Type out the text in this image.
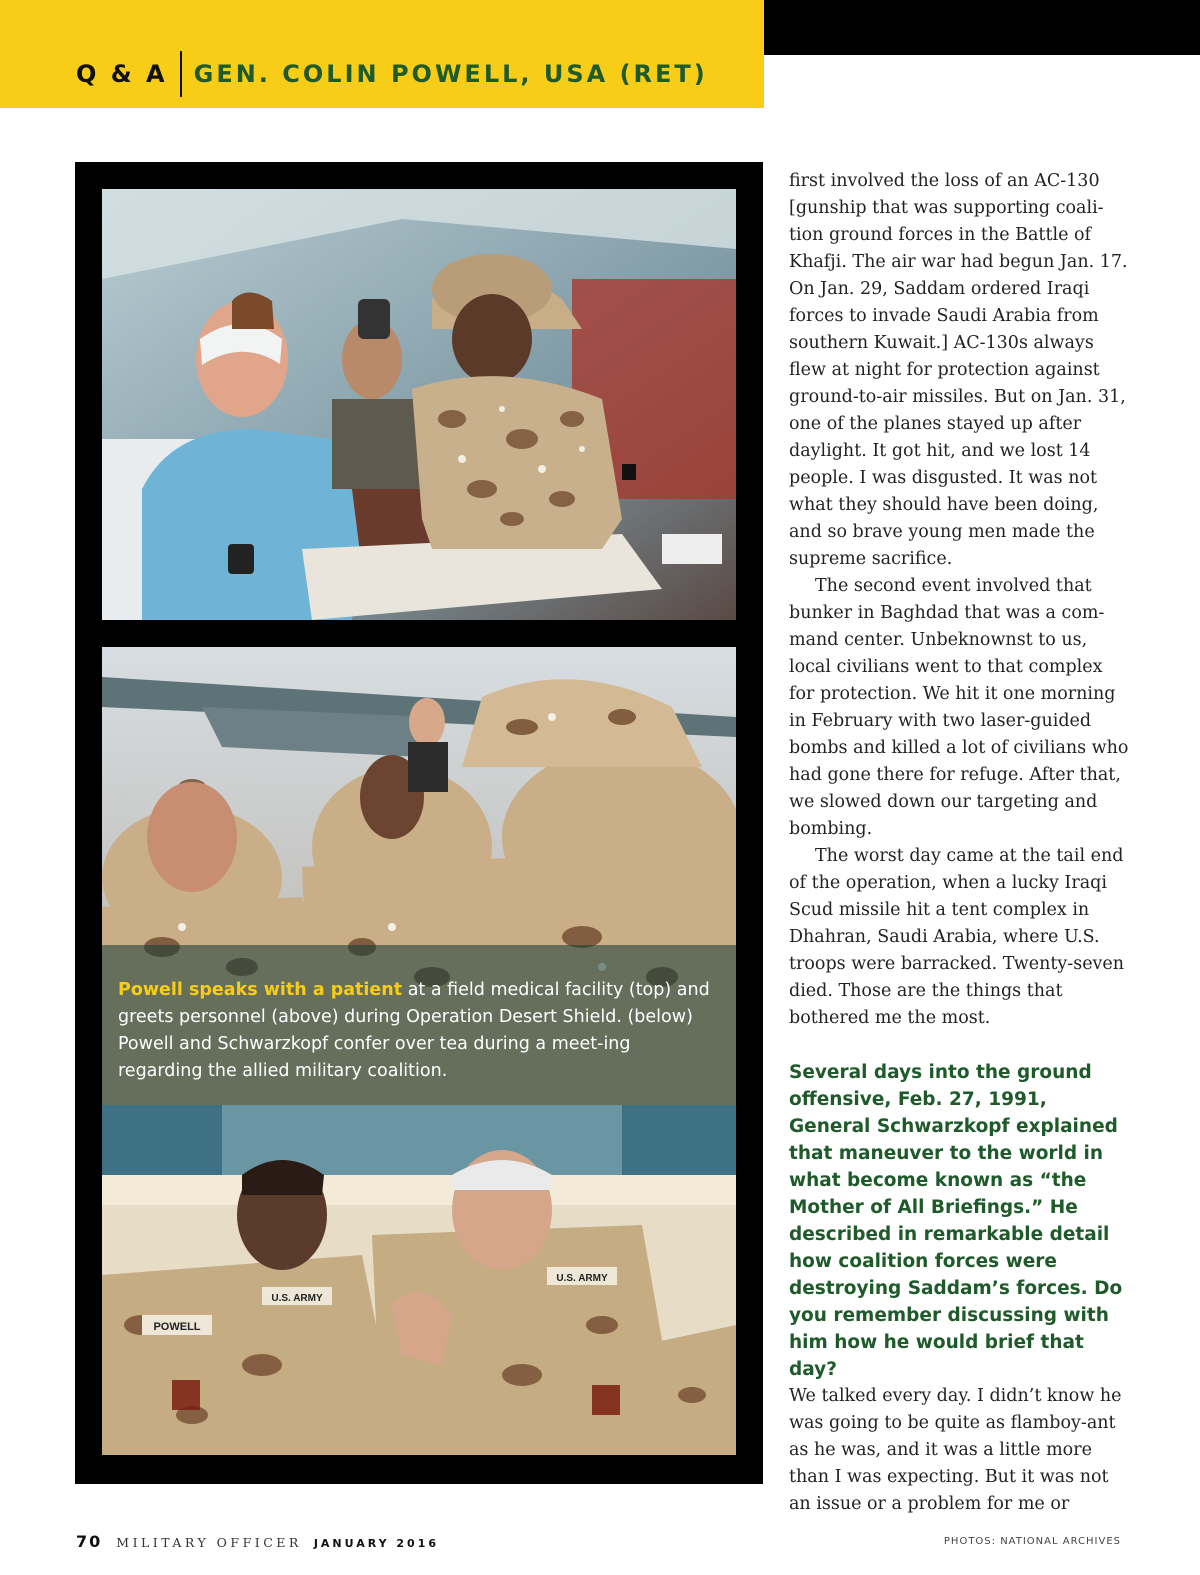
Q & A GEN. COLIN POWELL, USA (RET)
POWELL
U.S. ARMY
U.S. ARMY
Powell speaks with a patient at a field medical facility (top) and greets personnel (above) during Operation Desert Shield. (below) Powell and Schwarzkopf confer over tea during a meet-ing regarding the allied military coalition.

first involved the loss of an AC-130 [gunship that was supporting coali-tion ground forces in the Battle of Khafji. The air war had begun Jan. 17. On Jan. 29, Saddam ordered Iraqi forces to invade Saudi Arabia from southern Kuwait.] AC-130s always flew at night for protection against ground-to-air missiles. But on Jan. 31, one of the planes stayed up after daylight. It got hit, and we lost 14 people. I was disgusted. It was not what they should have been doing, and so brave young men made the supreme sacrifice.

The second event involved that bunker in Baghdad that was a com-mand center. Unbeknownst to us, local civilians went to that complex for protection. We hit it one morning in February with two laser-guided bombs and killed a lot of civilians who had gone there for refuge. After that, we slowed down our targeting and bombing.

The worst day came at the tail end of the operation, when a lucky Iraqi Scud missile hit a tent complex in Dhahran, Saudi Arabia, where U.S. troops were barracked. Twenty-seven died. Those are the things that bothered me the most.

Several days into the ground offensive, Feb. 27, 1991, General Schwarzkopf explained that maneuver to the world in what become known as “the Mother of All Briefings.” He described in remarkable detail how coalition forces were destroying Saddam’s forces. Do you remember discussing with him how he would brief that day?

We talked every day. I didn’t know he was going to be quite as flamboy-ant as he was, and it was a little more than I was expecting. But it was not an issue or a problem for me or

70 MILITARY OFFICER JANUARY 2016	PHOTOS: NATIONAL ARCHIVES
